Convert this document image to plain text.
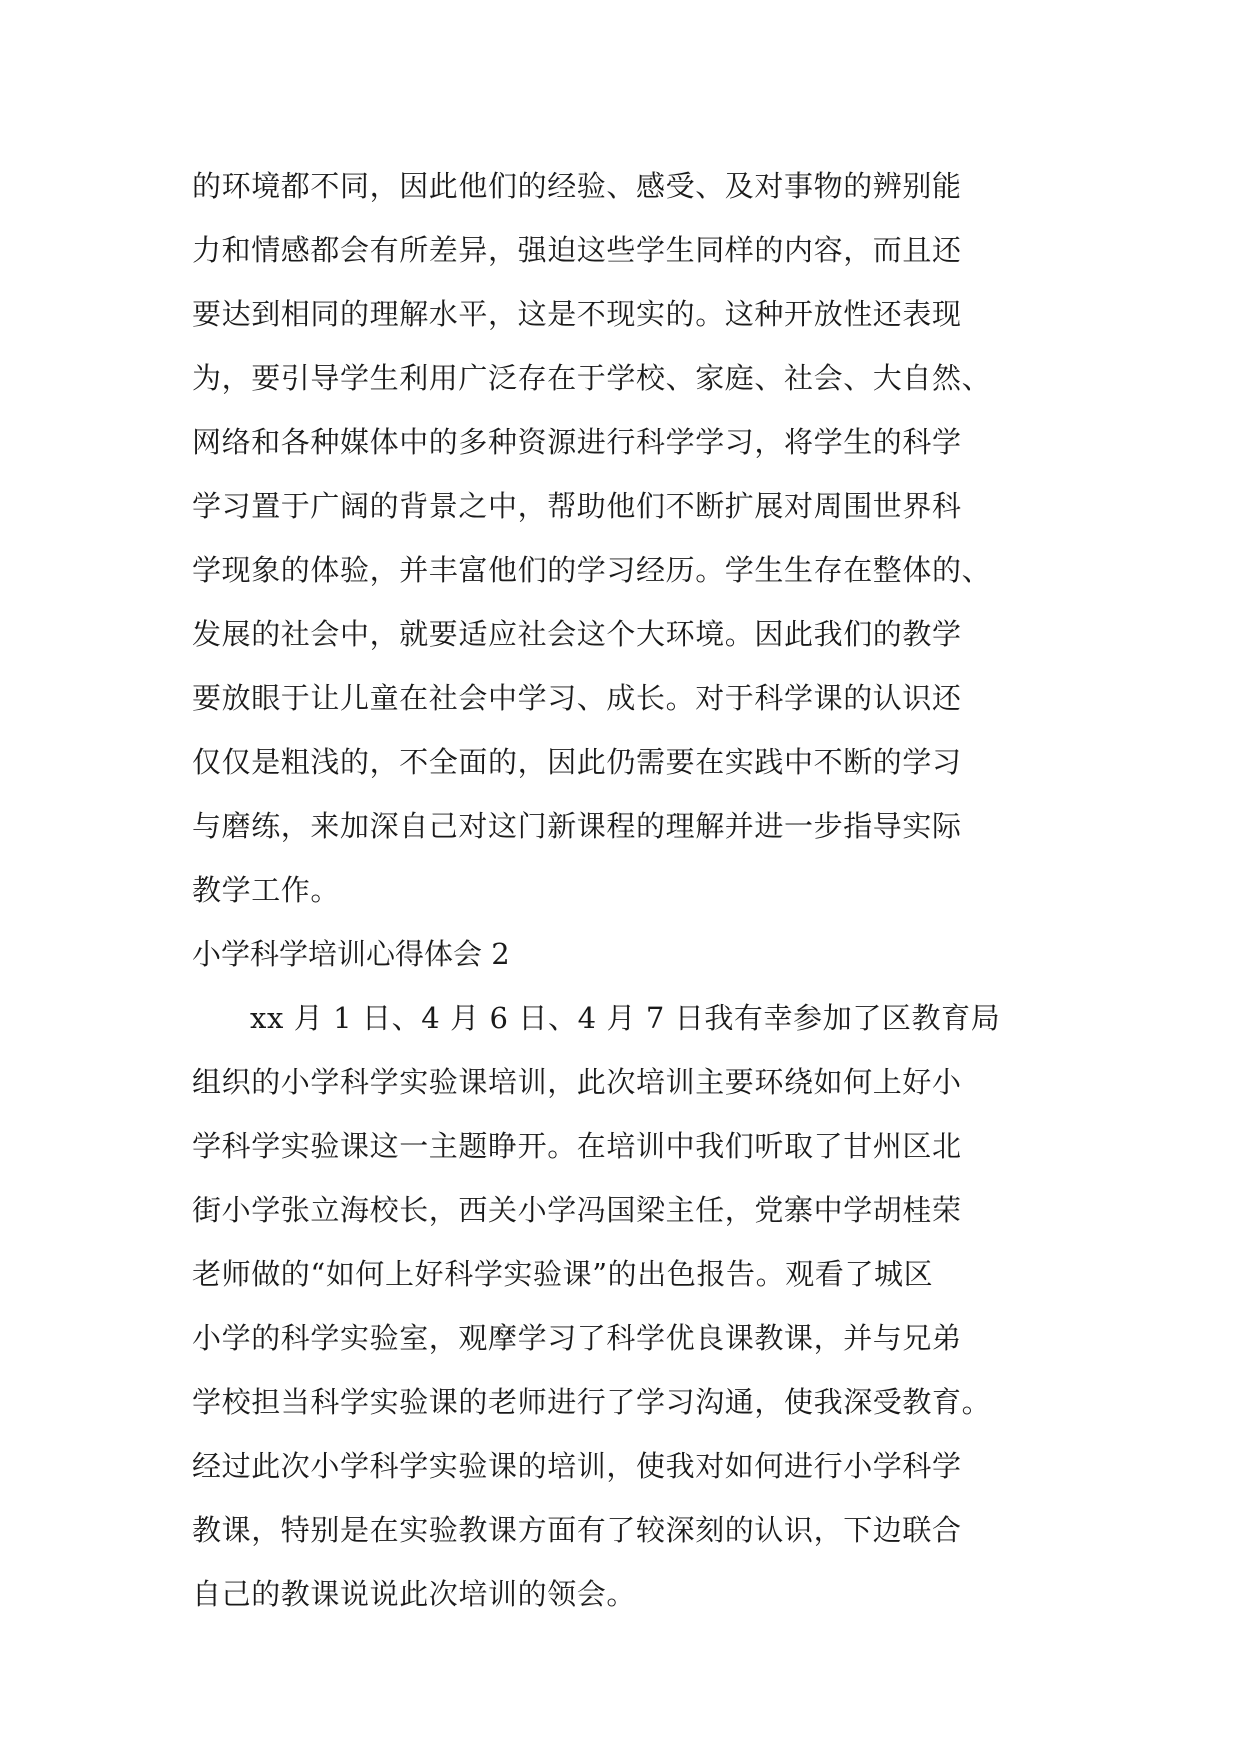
的环境都不同，因此他们的经验、感受、及对事物的辨别能
力和情感都会有所差异，强迫这些学生同样的内容，而且还
要达到相同的理解水平，这是不现实的。这种开放性还表现
为，要引导学生利用广泛存在于学校、家庭、社会、大自然、
网络和各种媒体中的多种资源进行科学学习，将学生的科学
学习置于广阔的背景之中，帮助他们不断扩展对周围世界科
学现象的体验，并丰富他们的学习经历。学生生存在整体的、
发展的社会中，就要适应社会这个大环境。因此我们的教学
要放眼于让儿童在社会中学习、成长。对于科学课的认识还
仅仅是粗浅的，不全面的，因此仍需要在实践中不断的学习
与磨练，来加深自己对这门新课程的理解并进一步指导实际
教学工作。
小学科学培训心得体会 2
xx 月 1 日、4 月 6 日、4 月 7 日我有幸参加了区教育局
组织的小学科学实验课培训，此次培训主要环绕如何上好小
学科学实验课这一主题睁开。在培训中我们听取了甘州区北
街小学张立海校长，西关小学冯国梁主任，党寨中学胡桂荣
老师做的“如何上好科学实验课”的出色报告。观看了城区
小学的科学实验室，观摩学习了科学优良课教课，并与兄弟
学校担当科学实验课的老师进行了学习沟通，使我深受教育。
经过此次小学科学实验课的培训，使我对如何进行小学科学
教课，特别是在实验教课方面有了较深刻的认识，下边联合
自己的教课说说此次培训的领会。
